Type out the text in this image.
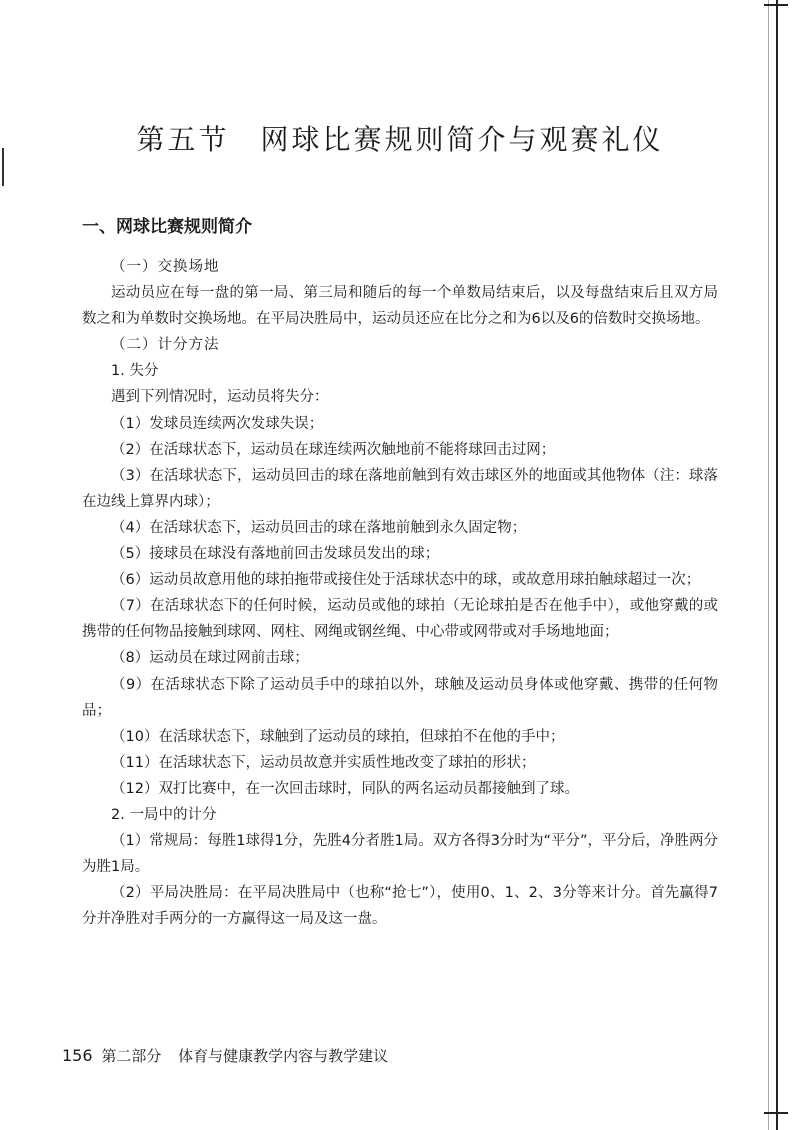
第五节　网球比赛规则简介与观赛礼仪
一、网球比赛规则简介

（一）交换场地

运动员应在每一盘的第一局、第三局和随后的每一个单数局结束后，以及每盘结束后且双方局数之和为单数时交换场地。在平局决胜局中，运动员还应在比分之和为6以及6的倍数时交换场地。

（二）计分方法

1. 失分

遇到下列情况时，运动员将失分：

（1）发球员连续两次发球失误；

（2）在活球状态下，运动员在球连续两次触地前不能将球回击过网；

（3）在活球状态下，运动员回击的球在落地前触到有效击球区外的地面或其他物体（注：球落在边线上算界内球）；

（4）在活球状态下，运动员回击的球在落地前触到永久固定物；

（5）接球员在球没有落地前回击发球员发出的球；

（6）运动员故意用他的球拍拖带或接住处于活球状态中的球，或故意用球拍触球超过一次；

（7）在活球状态下的任何时候，运动员或他的球拍（无论球拍是否在他手中），或他穿戴的或携带的任何物品接触到球网、网柱、网绳或钢丝绳、中心带或网带或对手场地地面；

（8）运动员在球过网前击球；

（9）在活球状态下除了运动员手中的球拍以外，球触及运动员身体或他穿戴、携带的任何物品；

（10）在活球状态下，球触到了运动员的球拍，但球拍不在他的手中；

（11）在活球状态下，运动员故意并实质性地改变了球拍的形状；

（12）双打比赛中，在一次回击球时，同队的两名运动员都接触到了球。

2. 一局中的计分

（1）常规局：每胜1球得1分，先胜4分者胜1局。双方各得3分时为“平分”，平分后，净胜两分为胜1局。

（2）平局决胜局：在平局决胜局中（也称“抢七”），使用0、1、2、3分等来计分。首先赢得7分并净胜对手两分的一方赢得这一局及这一盘。

156 第二部分 体育与健康教学内容与教学建议
